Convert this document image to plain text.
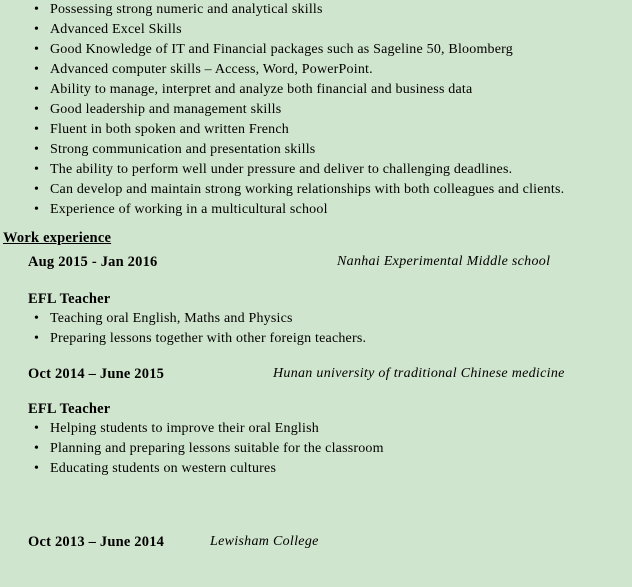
• Possessing strong numeric and analytical skills
• Advanced Excel Skills
• Good Knowledge of IT and Financial packages such as Sageline 50, Bloomberg
• Advanced computer skills – Access, Word, PowerPoint.
• Ability to manage, interpret and analyze both financial and business data
• Good leadership and management skills
• Fluent in both spoken and written French
• Strong communication and presentation skills
• The ability to perform well under pressure and deliver to challenging deadlines.
• Can develop and maintain strong working relationships with both colleagues and clients.
• Experience of working in a multicultural school
Work experience
Aug 2015 - Jan 2016	Nanhai Experimental Middle school
EFL Teacher
• Teaching oral English, Maths and Physics
• Preparing lessons together with other foreign teachers.
Oct 2014 – June 2015	Hunan university of traditional Chinese medicine
EFL Teacher
• Helping students to improve their oral English
• Planning and preparing lessons suitable for the classroom
• Educating students on western cultures
Oct 2013 – June 2014	Lewisham College
